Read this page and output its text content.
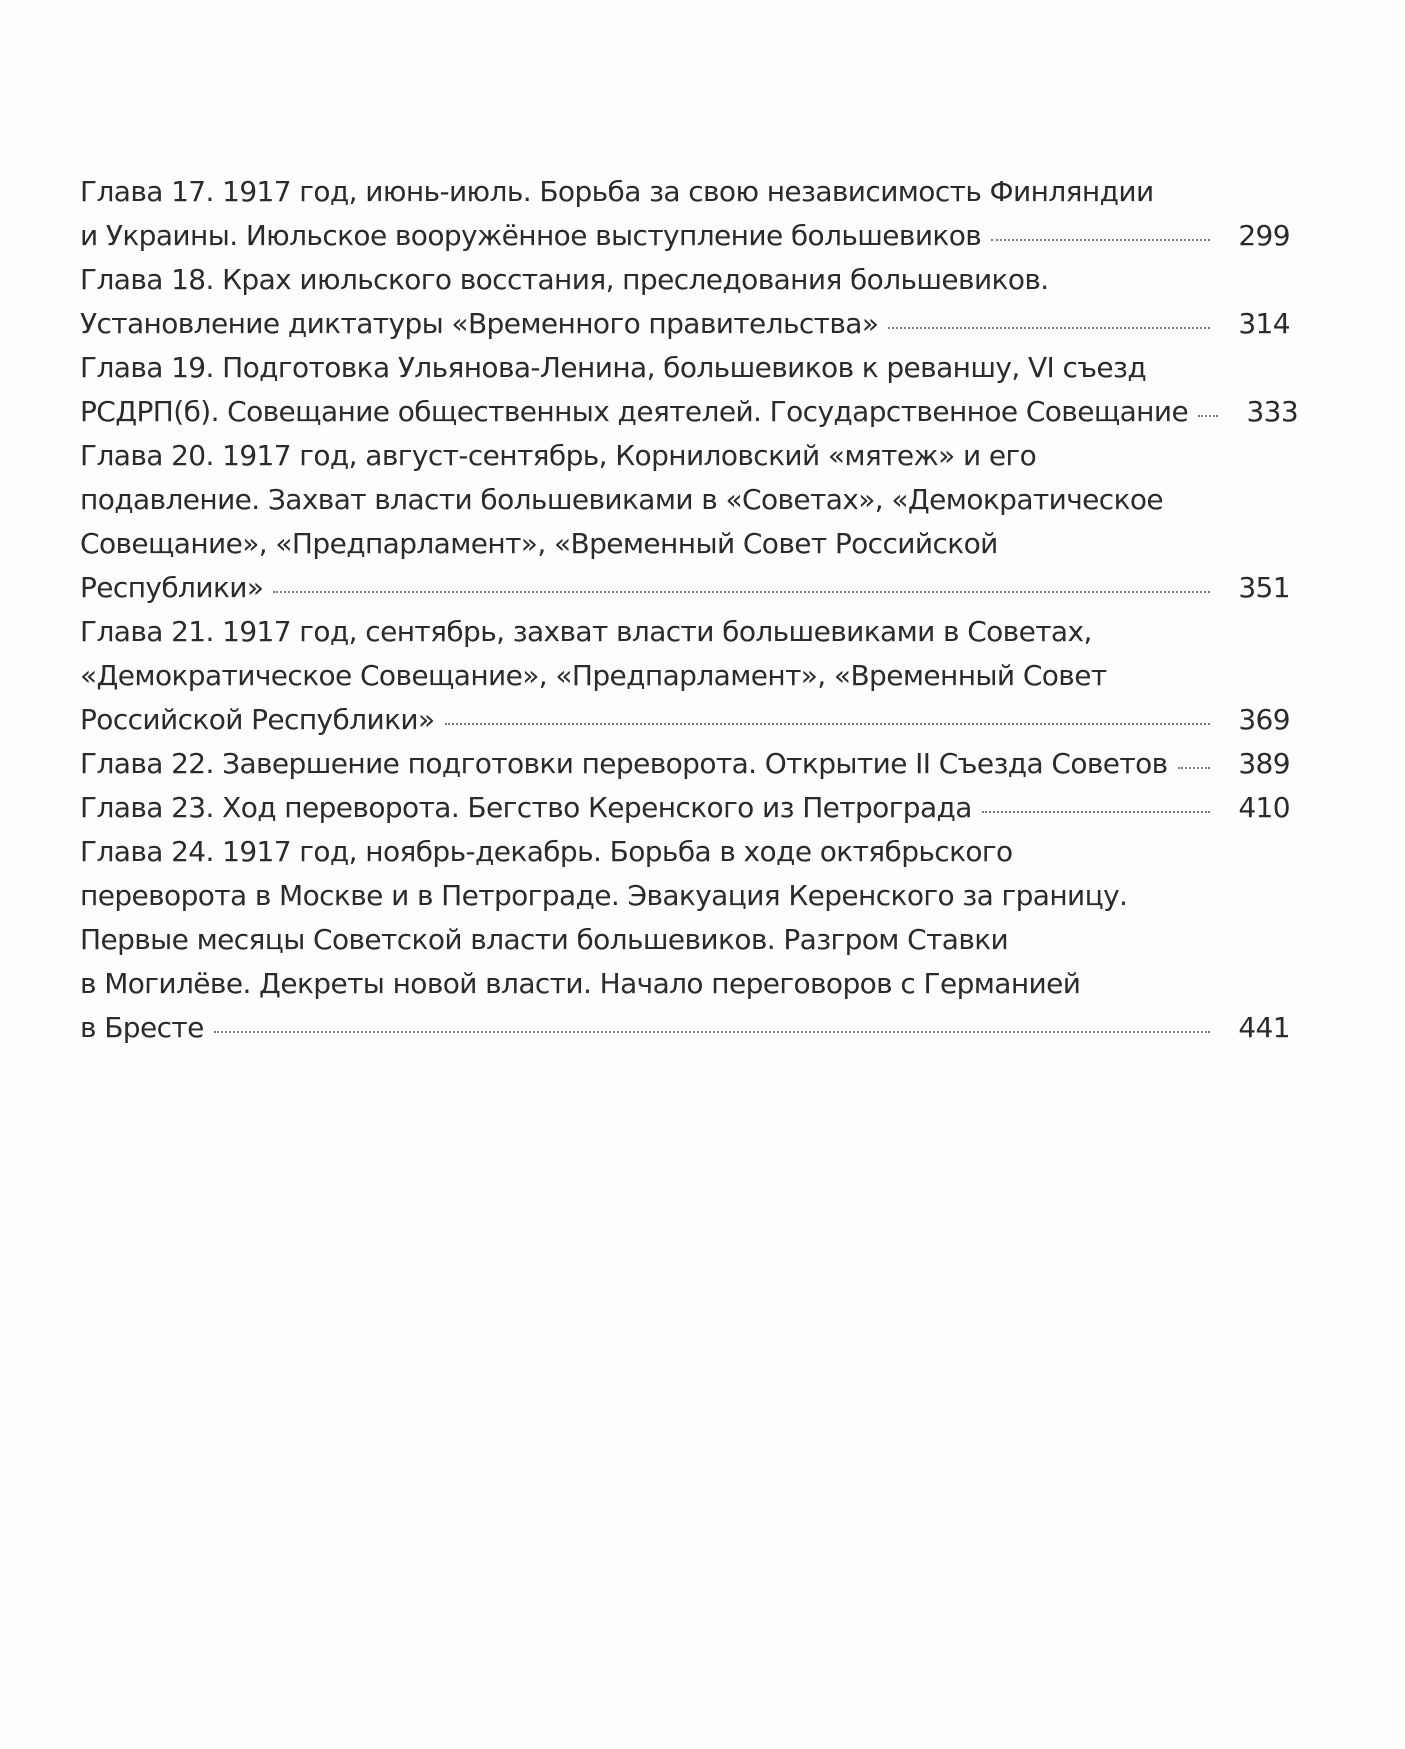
Глава 17. 1917 год, июнь-июль. Борьба за свою независимость Финляндии
и Украины. Июльское вооружённое выступление большевиков	299
Глава 18. Крах июльского восстания, преследования большевиков.
Установление диктатуры «Временного правительства»	314
Глава 19. Подготовка Ульянова-Ленина, большевиков к реваншу, VI съезд
РСДРП(б). Совещание общественных деятелей. Государственное Совещание 333
Глава 20. 1917 год, август-сентябрь, Корниловский «мятеж» и его
подавление. Захват власти большевиками в «Советах», «Демократическое
Совещание», «Предпарламент», «Временный Совет Российской
Республики»	351
Глава 21. 1917 год, сентябрь, захват власти большевиками в Советах,
«Демократическое Совещание», «Предпарламент», «Временный Совет
Российской Республики»	369
Глава 22. Завершение подготовки переворота. Открытие II Съезда Советов	389
Глава 23. Ход переворота. Бегство Керенского из Петрограда	410
Глава 24. 1917 год, ноябрь-декабрь. Борьба в ходе октябрьского
переворота в Москве и в Петрограде. Эвакуация Керенского за границу.
Первые месяцы Советской власти большевиков. Разгром Ставки
в Могилёве. Декреты новой власти. Начало переговоров с Германией
в Бресте	441
